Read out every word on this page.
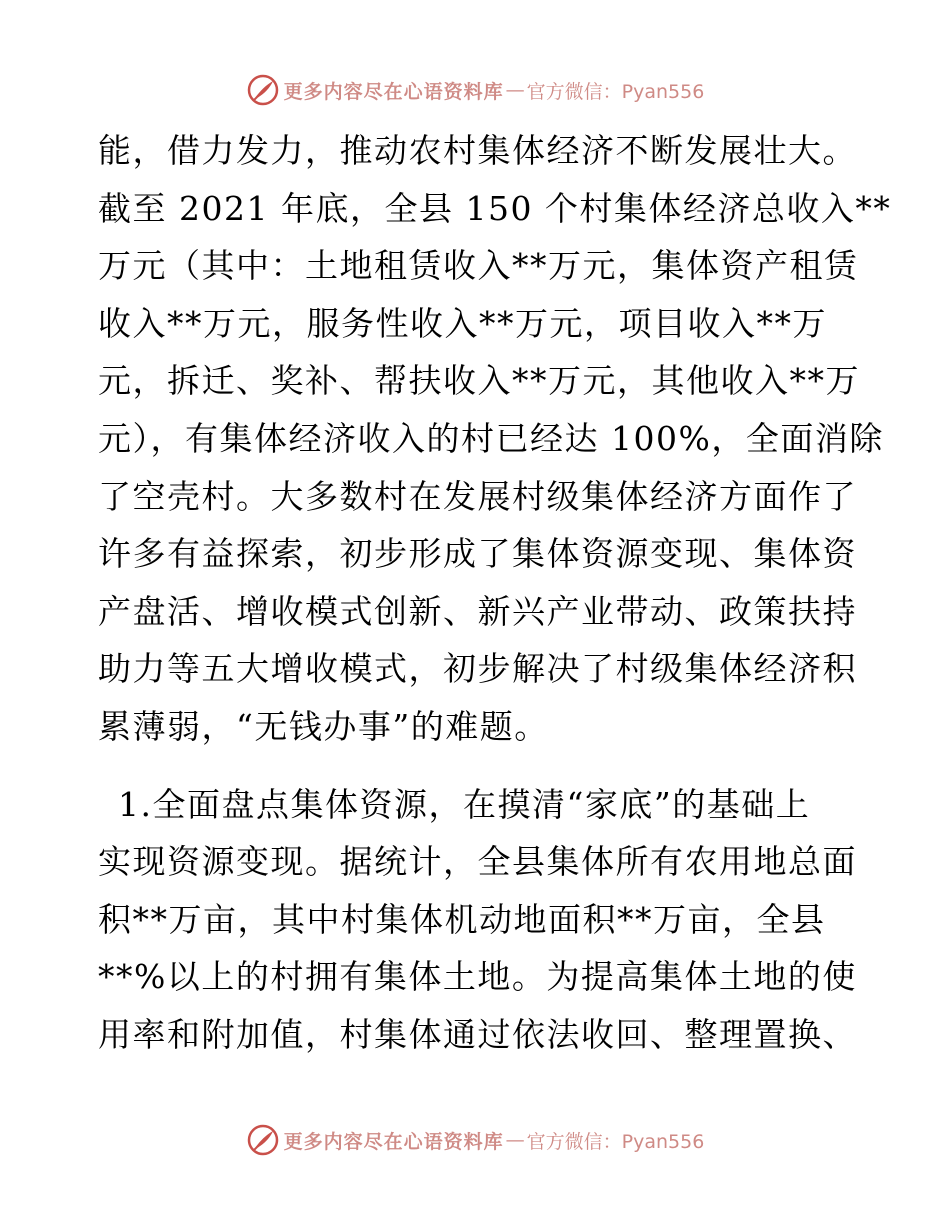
更多内容尽在心语资料库 — 官方微信：Pyan556
能，借力发力，推动农村集体经济不断发展壮大。
截至 2021 年底，全县 150 个村集体经济总收入**
万元（其中：土地租赁收入**万元，集体资产租赁
收入**万元，服务性收入**万元，项目收入**万
元，拆迁、奖补、帮扶收入**万元，其他收入**万
元），有集体经济收入的村已经达 100%，全面消除
了空壳村。大多数村在发展村级集体经济方面作了
许多有益探索，初步形成了集体资源变现、集体资
产盘活、增收模式创新、新兴产业带动、政策扶持
助力等五大增收模式，初步解决了村级集体经济积
累薄弱，“无钱办事”的难题。
1.全面盘点集体资源，在摸清“家底”的基础上
实现资源变现。据统计，全县集体所有农用地总面
积**万亩，其中村集体机动地面积**万亩，全县
**%以上的村拥有集体土地。为提高集体土地的使
用率和附加值，村集体通过依法收回、整理置换、
更多内容尽在心语资料库 — 官方微信：Pyan556
